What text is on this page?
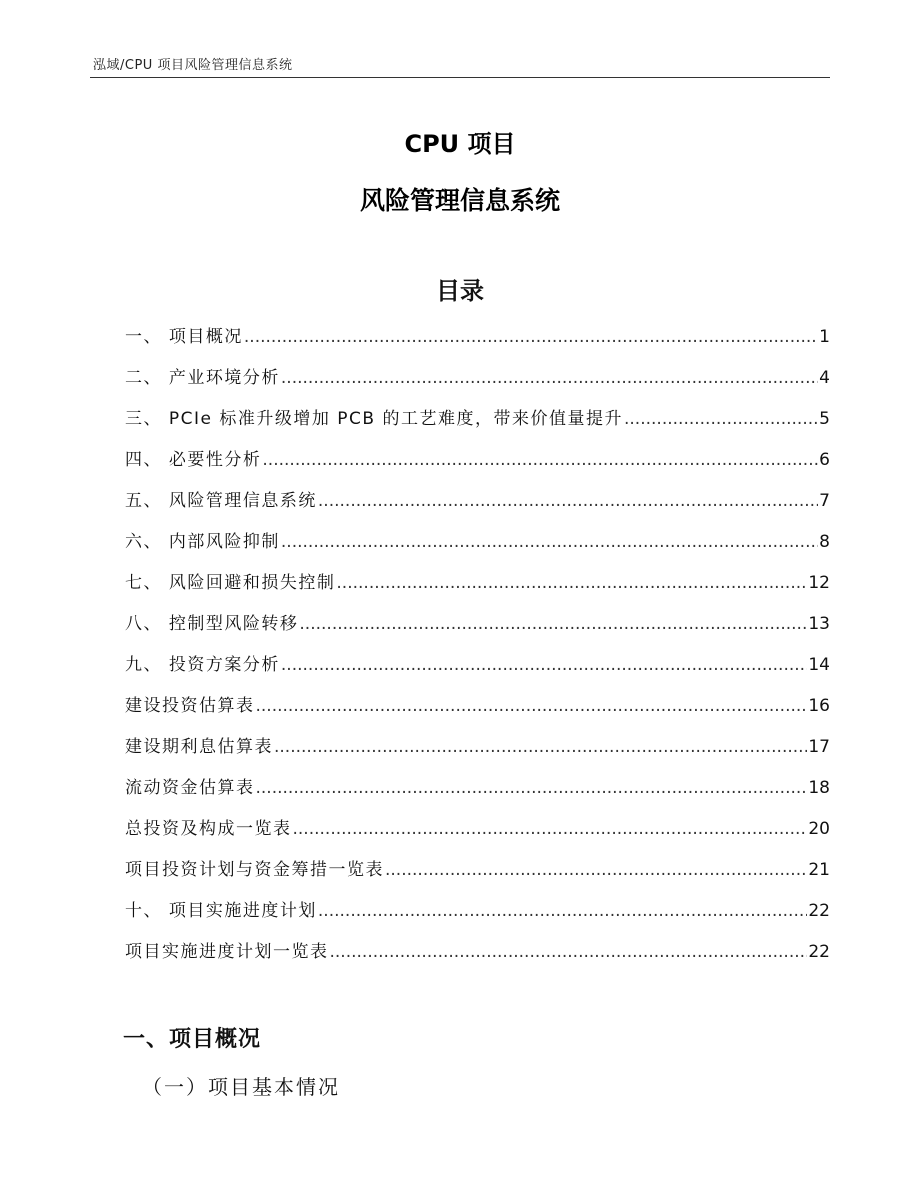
泓域/CPU 项目风险管理信息系统
CPU 项目
风险管理信息系统
目录
一、 项目概况 .....	1
二、 产业环境分析 .....	4
三、 PCIe 标准升级增加 PCB 的工艺难度，带来价值量提升 .....	5
四、 必要性分析 .....	6
五、 风险管理信息系统 .....	7
六、 内部风险抑制 .....	8
七、 风险回避和损失控制 .....	12
八、 控制型风险转移 .....	13
九、 投资方案分析 .....	14
建设投资估算表 .....	16
建设期利息估算表 .....	17
流动资金估算表 .....	18
总投资及构成一览表 .....	20
项目投资计划与资金筹措一览表 .....	21
十、 项目实施进度计划 .....	22
项目实施进度计划一览表 .....	22
一、项目概况
（一）项目基本情况
